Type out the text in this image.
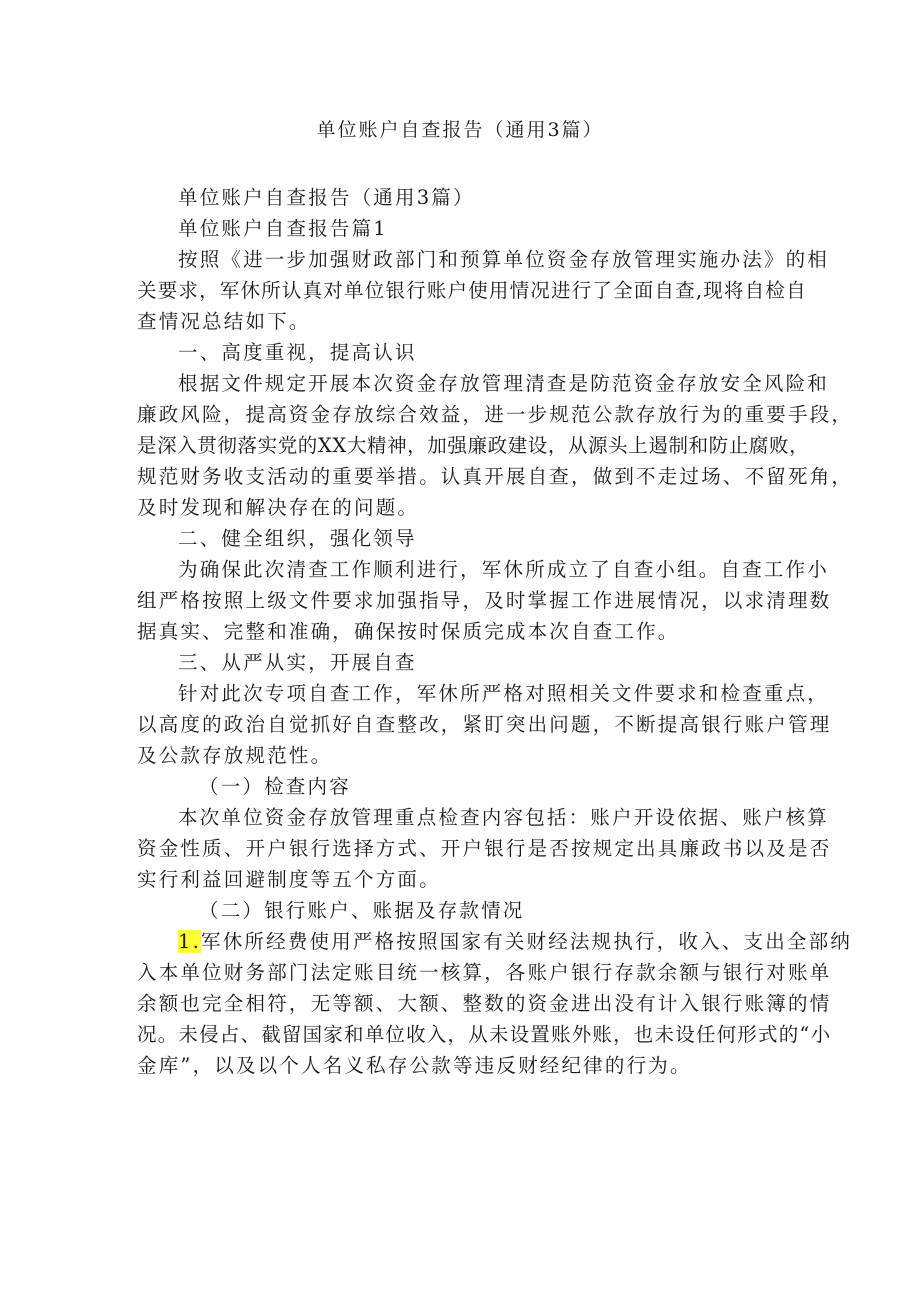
单位账户自查报告（通用3篇）
单位账户自查报告（通用3篇）
单位账户自查报告篇1
按照《进一步加强财政部门和预算单位资金存放管理实施办法》的相
关要求，军休所认真对单位银行账户使用情况进行了全面自查,现将自检自
查情况总结如下。
一、高度重视，提高认识
根据文件规定开展本次资金存放管理清查是防范资金存放安全风险和
廉政风险，提高资金存放综合效益，进一步规范公款存放行为的重要手段，
是深入贯彻落实党的XX大精神，加强廉政建设，从源头上遏制和防止腐败，
规范财务收支活动的重要举措。认真开展自查，做到不走过场、不留死角，
及时发现和解决存在的问题。
二、健全组织，强化领导
为确保此次清查工作顺利进行，军休所成立了自查小组。自查工作小
组严格按照上级文件要求加强指导，及时掌握工作进展情况，以求清理数
据真实、完整和准确，确保按时保质完成本次自查工作。
三、从严从实，开展自查
针对此次专项自查工作，军休所严格对照相关文件要求和检查重点，
以高度的政治自觉抓好自查整改，紧盯突出问题，不断提高银行账户管理
及公款存放规范性。
（一）检查内容
本次单位资金存放管理重点检查内容包括：账户开设依据、账户核算
资金性质、开户银行选择方式、开户银行是否按规定出具廉政书以及是否
实行利益回避制度等五个方面。
（二）银行账户、账据及存款情况
1.军休所经费使用严格按照国家有关财经法规执行，收入、支出全部纳
入本单位财务部门法定账目统一核算，各账户银行存款余额与银行对账单
余额也完全相符，无等额、大额、整数的资金进出没有计入银行账簿的情
况。未侵占、截留国家和单位收入，从未设置账外账，也未设任何形式的“小
金库”，以及以个人名义私存公款等违反财经纪律的行为。
